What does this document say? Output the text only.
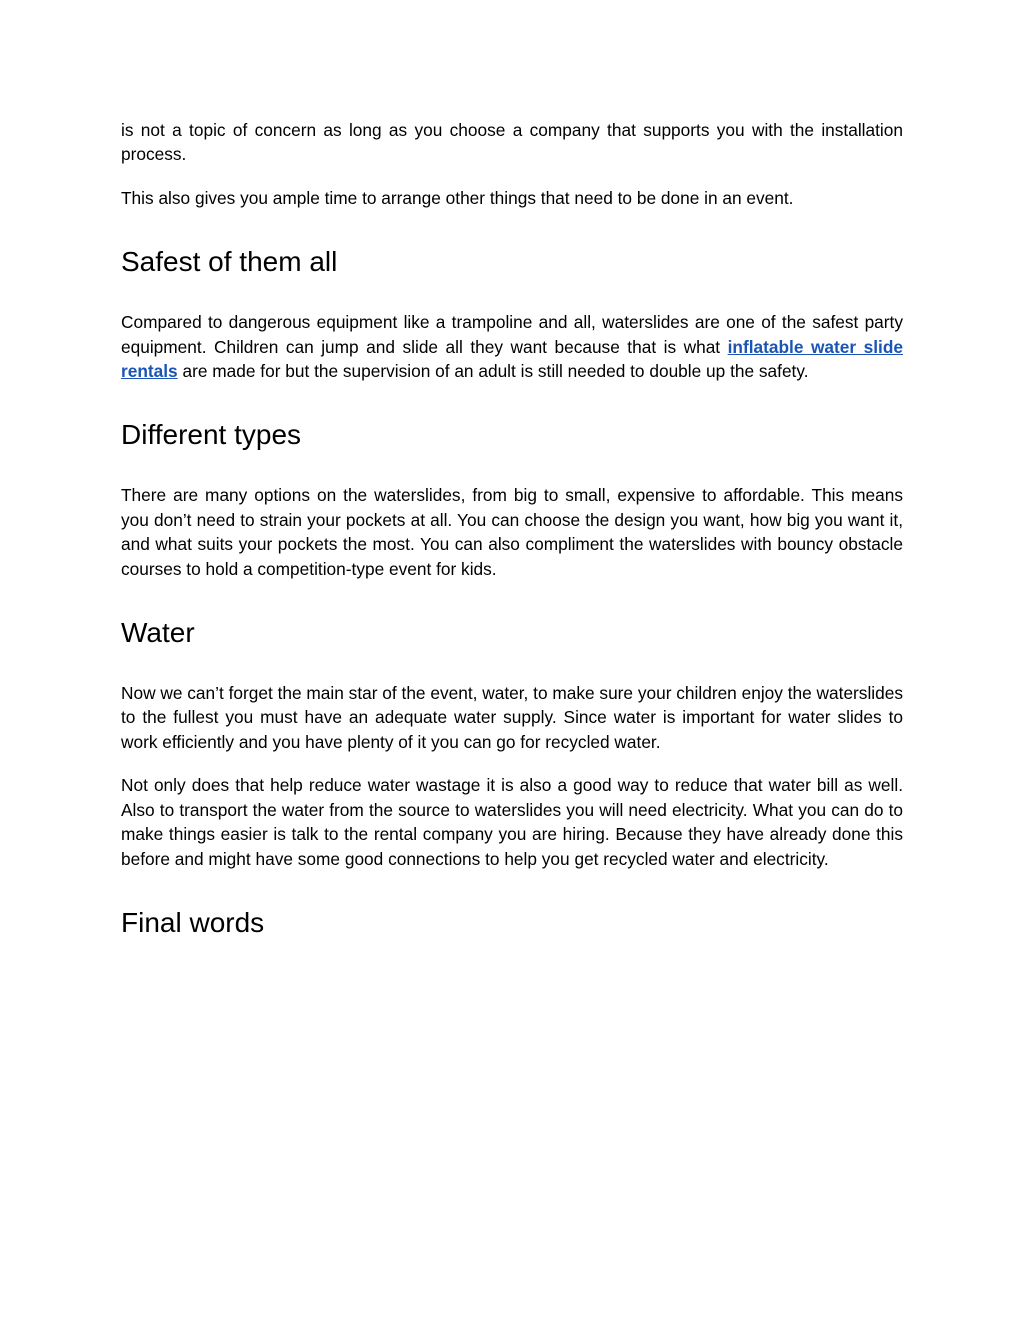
is not a topic of concern as long as you choose a company that supports you with the installation process.

This also gives you ample time to arrange other things that need to be done in an event.

Safest of them all

Compared to dangerous equipment like a trampoline and all, waterslides are one of the safest party equipment. Children can jump and slide all they want because that is what inflatable water slide rentals are made for but the supervision of an adult is still needed to double up the safety.

Different types

There are many options on the waterslides, from big to small, expensive to affordable. This means you don’t need to strain your pockets at all. You can choose the design you want, how big you want it, and what suits your pockets the most. You can also compliment the waterslides with bouncy obstacle courses to hold a competition-type event for kids.

Water

Now we can’t forget the main star of the event, water, to make sure your children enjoy the waterslides to the fullest you must have an adequate water supply. Since water is important for water slides to work efficiently and you have plenty of it you can go for recycled water.

Not only does that help reduce water wastage it is also a good way to reduce that water bill as well. Also to transport the water from the source to waterslides you will need electricity. What you can do to make things easier is talk to the rental company you are hiring. Because they have already done this before and might have some good connections to help you get recycled water and electricity.

Final words
